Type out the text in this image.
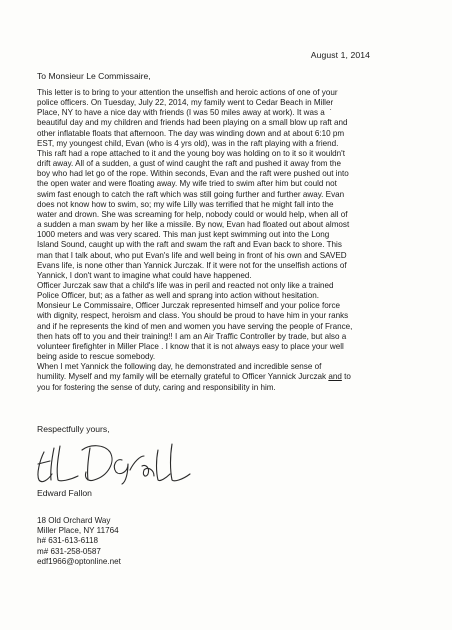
August 1, 2014
To Monsieur Le Commissaire,
This letter is to bring to your attention the unselfish and heroic actions of one of your
police officers. On Tuesday, July 22, 2014, my family went to Cedar Beach in Miller
Place, NY to have a nice day with friends (I was 50 miles away at work). It was a
beautiful day and my children and friends had been playing on a small blow up raft and
other inflatable floats that afternoon. The day was winding down and at about 6:10 pm
EST, my youngest child, Evan (who is 4 yrs old), was in the raft playing with a friend.
This raft had a rope attached to it and the young boy was holding on to it so it wouldn't
drift away. All of a sudden, a gust of wind caught the raft and pushed it away from the
boy who had let go of the rope. Within seconds, Evan and the raft were pushed out into
the open water and were floating away. My wife tried to swim after him but could not
swim fast enough to catch the raft which was still going further and further away. Evan
does not know how to swim, so; my wife Lilly was terrified that he might fall into the
water and drown. She was screaming for help, nobody could or would help, when all of
a sudden a man swam by her like a missile. By now, Evan had floated out about almost
1000 meters and was very scared. This man just kept swimming out into the Long
Island Sound, caught up with the raft and swam the raft and Evan back to shore. This
man that I talk about, who put Evan's life and well being in front of his own and SAVED
Evans life, is none other than Yannick Jurczak. If it were not for the unselfish actions of
Yannick, I don't want to imagine what could have happened.
Officer Jurczak saw that a child's life was in peril and reacted not only like a trained
Police Officer, but; as a father as well and sprang into action without hesitation.
Monsieur Le Commissaire, Officer Jurczak represented himself and your police force
with dignity, respect, heroism and class. You should be proud to have him in your ranks
and if he represents the kind of men and women you have serving the people of France,
then hats off to you and their training!! I am an Air Traffic Controller by trade, but also a
volunteer firefighter in Miller Place . I know that it is not always easy to place your well
being aside to rescue somebody.
When I met Yannick the following day, he demonstrated and incredible sense of
humility. Myself and my family will be eternally grateful to Officer Yannick Jurczak and to
you for fostering the sense of duty, caring and responsibility in him.
Respectfully yours,
Edward Fallon
18 Old Orchard Way
Miller Place, NY 11764
h# 631-613-6118
m# 631-258-0587
edf1966@optonline.net
